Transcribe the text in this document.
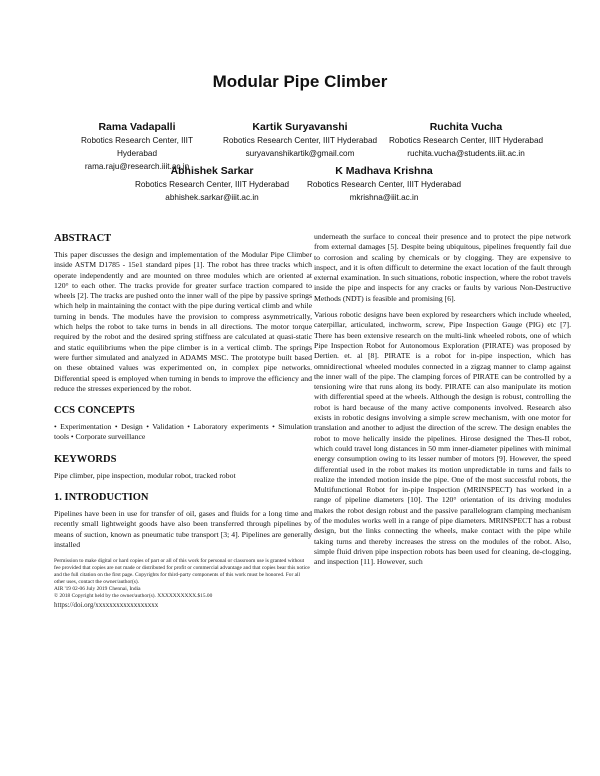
Modular Pipe Climber
Rama Vadapalli
Robotics Research Center, IIIT Hyderabad
rama.raju@research.iiit.ac.in
Kartik Suryavanshi
Robotics Research Center, IIIT Hyderabad
suryavanshikartik@gmail.com
Ruchita Vucha
Robotics Research Center, IIIT Hyderabad
ruchita.vucha@students.iiit.ac.in
Abhishek Sarkar
Robotics Research Center, IIIT Hyderabad
abhishek.sarkar@iiit.ac.in
K Madhava Krishna
Robotics Research Center, IIIT Hyderabad
mkrishna@iiit.ac.in
ABSTRACT

This paper discusses the design and implementation of the Modular Pipe Climber inside ASTM D1785 - 15e1 standard pipes [1]. The robot has three tracks which operate independently and are mounted on three modules which are oriented at 120° to each other. The tracks provide for greater surface traction compared to wheels [2]. The tracks are pushed onto the inner wall of the pipe by passive springs which help in maintaining the contact with the pipe during vertical climb and while turning in bends. The modules have the provision to compress asymmetrically, which helps the robot to take turns in bends in all directions. The motor torque required by the robot and the desired spring stiffness are calculated at quasi-static and static equilibriums when the pipe climber is in a vertical climb. The springs were further simulated and analyzed in ADAMS MSC. The prototype built based on these obtained values was experimented on, in complex pipe networks. Differential speed is employed when turning in bends to improve the efficiency and reduce the stresses experienced by the robot.

CCS CONCEPTS

• Experimentation • Design • Validation • Laboratory experiments • Simulation tools • Corporate surveillance

KEYWORDS

Pipe climber, pipe inspection, modular robot, tracked robot

1. INTRODUCTION

Pipelines have been in use for transfer of oil, gases and fluids for a long time and recently small lightweight goods have also been transferred through pipelines by means of suction, known as pneumatic tube transport [3; 4]. Pipelines are generally installed

Permission to make digital or hard copies of part or all of this work for personal or classroom use is granted without fee provided that copies are not made or distributed for profit or commercial advantage and that copies bear this notice and the full citation on the first page. Copyrights for third-party components of this work must be honored. For all other uses, contact the owner/author(s).
AIR '19 02-06 July 2019 Chennai, India
© 2018 Copyright held by the owner/author(s). XXXXXXXXXX.$15.00
https://doi.org/xxxxxxxxxxxxxxxxxx

underneath the surface to conceal their presence and to protect the pipe network from external damages [5]. Despite being ubiquitous, pipelines frequently fail due to corrosion and scaling by chemicals or by clogging. They are expensive to inspect, and it is often difficult to determine the exact location of the fault through external examination. In such situations, robotic inspection, where the robot travels inside the pipe and inspects for any cracks or faults by various Non-Destructive Methods (NDT) is feasible and promising [6].

Various robotic designs have been explored by researchers which include wheeled, caterpillar, articulated, inchworm, screw, Pipe Inspection Gauge (PIG) etc [7]. There has been extensive research on the multi-link wheeled robots, one of which Pipe Inspection Robot for Autonomous Exploration (PIRATE) was proposed by Dertien. et. al [8]. PIRATE is a robot for in-pipe inspection, which has omnidirectional wheeled modules connected in a zigzag manner to clamp against the inner wall of the pipe. The clamping forces of PIRATE can be controlled by a tensioning wire that runs along its body. PIRATE can also manipulate its motion with differential speed at the wheels. Although the design is robust, controlling the robot is hard because of the many active components involved. Research also exists in robotic designs involving a simple screw mechanism, with one motor for translation and another to adjust the direction of the screw. The design enables the robot to move helically inside the pipelines. Hirose designed the Thes-II robot, which could travel long distances in 50 mm inner-diameter pipelines with minimal energy consumption owing to its lesser number of motors [9]. However, the speed differential used in the robot makes its motion unpredictable in turns and fails to realize the intended motion inside the pipe. One of the most successful robots, the Multifunctional Robot for in-pipe Inspection (MRINSPECT) has worked in a range of pipeline diameters [10]. The 120° orientation of its driving modules makes the robot design robust and the passive parallelogram clamping mechanism of the modules works well in a range of pipe diameters. MRINSPECT has a robust design, but the links connecting the wheels, make contact with the pipe while taking turns and thereby increases the stress on the modules of the robot. Also, simple fluid driven pipe inspection robots has been used for cleaning, de-clogging, and inspection [11]. However, such
